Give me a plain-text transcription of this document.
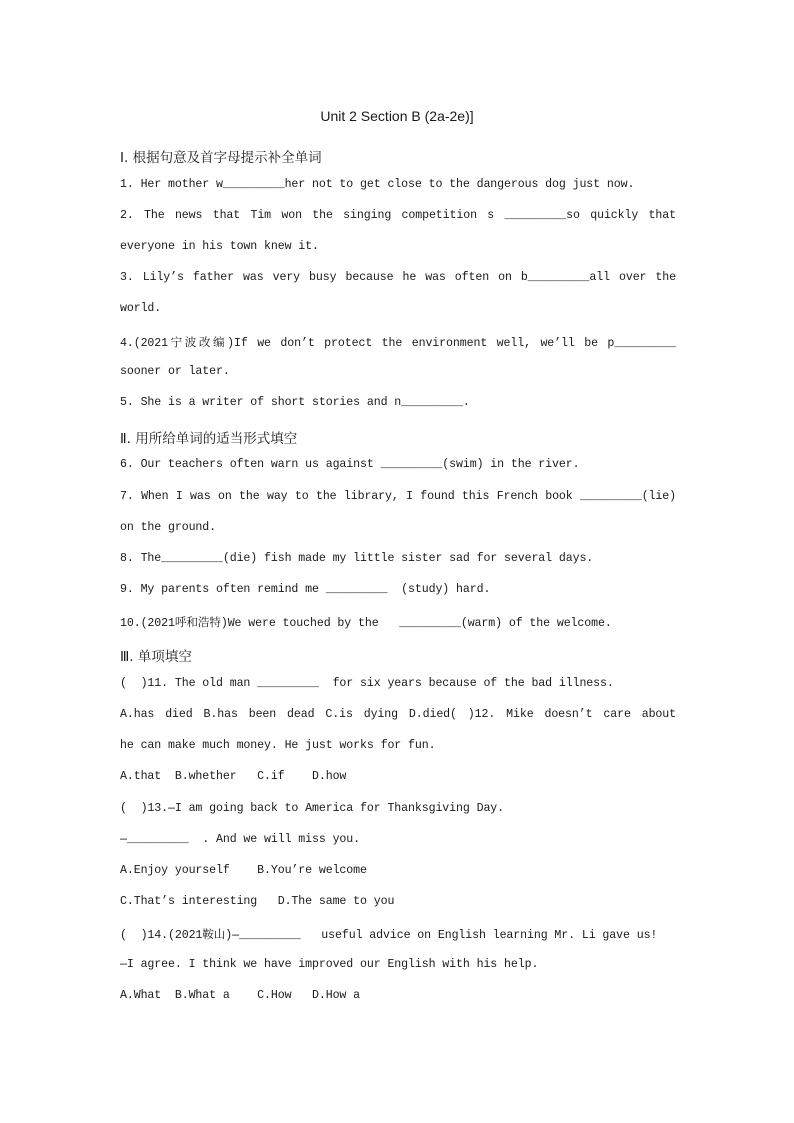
Unit 2 Section B (2a-2e)]
Ⅰ. 根据句意及首字母提示补全单词
1. Her mother w_________her not to get close to the dangerous dog just now.
2. The news that Tim won the singing competition s _________so quickly that
everyone in his town knew it.
3. Lily’s father was very busy because he was often on b_________all over the
world.
4.(2021宁波改编)If we don’t protect the environment well, we’ll be p_________
sooner or later.
5. She is a writer of short stories and n_________.
Ⅱ. 用所给单词的适当形式填空
6. Our teachers often warn us against _________(swim) in the river.
7. When I was on the way to the library, I found this French book _________(lie)
on the ground.
8. The_________(die) fish made my little sister sad for several days.
9. My parents often remind me _________  (study) hard.
10.(2021呼和浩特)We were touched by the   _________(warm) of the welcome.
Ⅲ. 单项填空
(  )11. The old man _________  for six years because of the bad illness.
A.has died B.has been dead C.is dying D.died( )12. Mike doesn’t care about
he can make much money. He just works for fun.
A.that  B.whether   C.if    D.how
(  )13.—I am going back to America for Thanksgiving Day.
—_________  . And we will miss you.
A.Enjoy yourself    B.You’re welcome
C.That’s interesting   D.The same to you
(  )14.(2021鞍山)—_________   useful advice on English learning Mr. Li gave us!
—I agree. I think we have improved our English with his help.
A.What  B.What a    C.How   D.How a
